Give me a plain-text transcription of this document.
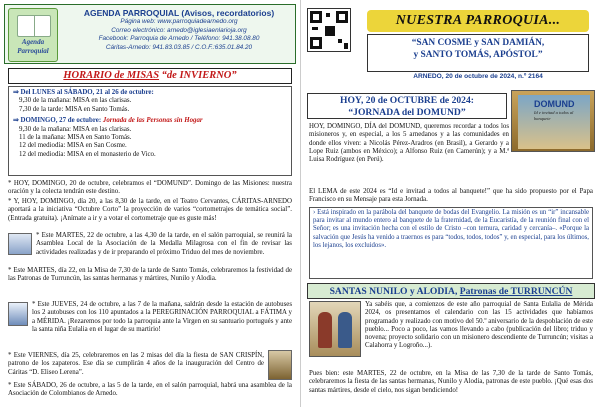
Agenda Parroquial
AGENDA PARROQUIAL (Avisos, recordatorios)
Página web: www.parroquiadearnedo.org
Correo electrónico: arnedo@iglesiaenlarioja.org
Facebook: Parroquia de Arnedo / Teléfono: 941.38.08.80
Cáritas-Arnedo: 941.83.03.85 / C.O.F.:635.01.84.20
HORARIO de MISAS “de INVIERNO”
⇒ Del LUNES al SÁBADO, 21 al 26 de octubre:
9,30 de la mañana: MISA en las clarisas.
7,30 de la tarde: MISA en Santo Tomás.
⇒ DOMINGO, 27 de octubre: Jornada de las Personas sin Hogar
9,30 de la mañana: MISA en las clarisas.
11 de la mañana: MISA en Santo Tomás.
12 del mediodía: MISA en San Cosme.
12 del mediodía: MISA en el monasterio de Vico.
* HOY, DOMINGO, 20 de octubre, celebramos el “DOMUND”. Domingo de las Misiones: nuestra oración y la colecta tendrán este destino.
* Y, HOY, DOMINGO, día 20, a las 8,30 de la tarde, en el Teatro Cervantes, CÁRITAS-ARNEDO aportará a la iniciativa “Octubre Corto” la proyección de varios “cortometrajes de temática social”. (Entrada gratuita). ¡Anímate a ir y a votar el cortometraje que es guste más!
* Este MARTES, 22 de octubre, a las 4,30 de la tarde, en el salón parroquial, se reunirá la Asamblea Local de la Asociación de la Medalla Milagrosa con el fin de revisar las actividades realizadas y de ir preparando el próximo Triduo del mes de noviembre.
* Este MARTES, día 22, en la Misa de 7,30 de la tarde de Santo Tomás, celebraremos la festividad de las Patronas de Turruncún, las santas hermanas y mártires, Nunilo y Alodia.
* Este JUEVES, 24 de octubre, a las 7 de la mañana, saldrán desde la estación de autobuses los 2 autobuses con los 110 apuntados a la PEREGRINACIÓN PARROQUIAL a FÁTIMA y a MÉRIDA. ¡Rezaremos por todo la parroquia ante la Virgen en su santuario portugués y ante la santa niña Eulalia en el lugar de su martirio!
* Este VIERNES, día 25, celebraremos en las 2 misas del día la fiesta de SAN CRISPÍN, patrono de los zapateros. Ese día se cumplirán 4 años de la inauguración del Centro de Cáritas “D. Eliseo Lerena”.
* Este SÁBADO, 26 de octubre, a las 5 de la tarde, en el salón parroquial, habrá una asamblea de la Asociación de Colombianos de Arnedo.
NUESTRA PARROQUIA...
“SAN COSME y SAN DAMIÁN,
y SANTO TOMÁS, APÓSTOL”
ARNEDO, 20 de octubre de 2024, n.º 2164
HOY, 20 de OCTUBRE de 2024:
“JORNADA del DOMUND”
DOMUND
Id e invitad a todos al banquete
HOY, DOMINGO, DÍA del DOMUND, queremos recordar a todos los misioneros y, en especial, a los 5 arnedanos y a las comunidades en donde ellos viven: a Nicolás Pérez-Aradros (en Brasil), a Gerardo y a Lope Ruiz (ambos en México); a Alfonso Ruiz (en Camerún); y a M.ª Luisa Rodríguez (en Perú).
El LEMA de este 2024 es “Id e invitad a todos al banquete!” que ha sido propuesto por el Papa Francisco en su Mensaje para esta Jornada.
› Está inspirado en la parábola del banquete de bodas del Evangelio. La misión es un “ir” incansable para invitar al mundo entero al banquete de la fraternidad, de la Eucaristía, de la reunión final con el Señor; es una invitación hecha con el estilo de Cristo –con ternura, caridad y cercanía–. «Porque la salvación que Jesús ha venido a traernos es para “todos, todos, todos” y, en especial, para los últimos, los lejanos, los excluidos».
SANTAS NUNILO y ALODIA, Patronas de TURRUNCÚN
Ya sabéis que, a comienzos de este año parroquial de Santa Eulalia de Mérida 2024, os presentamos el calendario con las 15 actividades que habíamos programado y realizado con motivo del 50.º aniversario de la despoblación de este pueblo... Poco a poco, las vamos llevando a cabo (publicación del libro; triduo y novena; proyecto solidario con un misionero descendiente de Turruncún; visitas a Calahorra y Logroño...).
Pues bien: este MARTES, 22 de octubre, en la Misa de las 7,30 de la tarde de Santo Tomás, celebraremos la fiesta de las santas hermanas, Nunilo y Alodia, patronas de este pueblo. ¡Qué esas dos santas mártires, desde el cielo, nos sigan bendiciendo!
